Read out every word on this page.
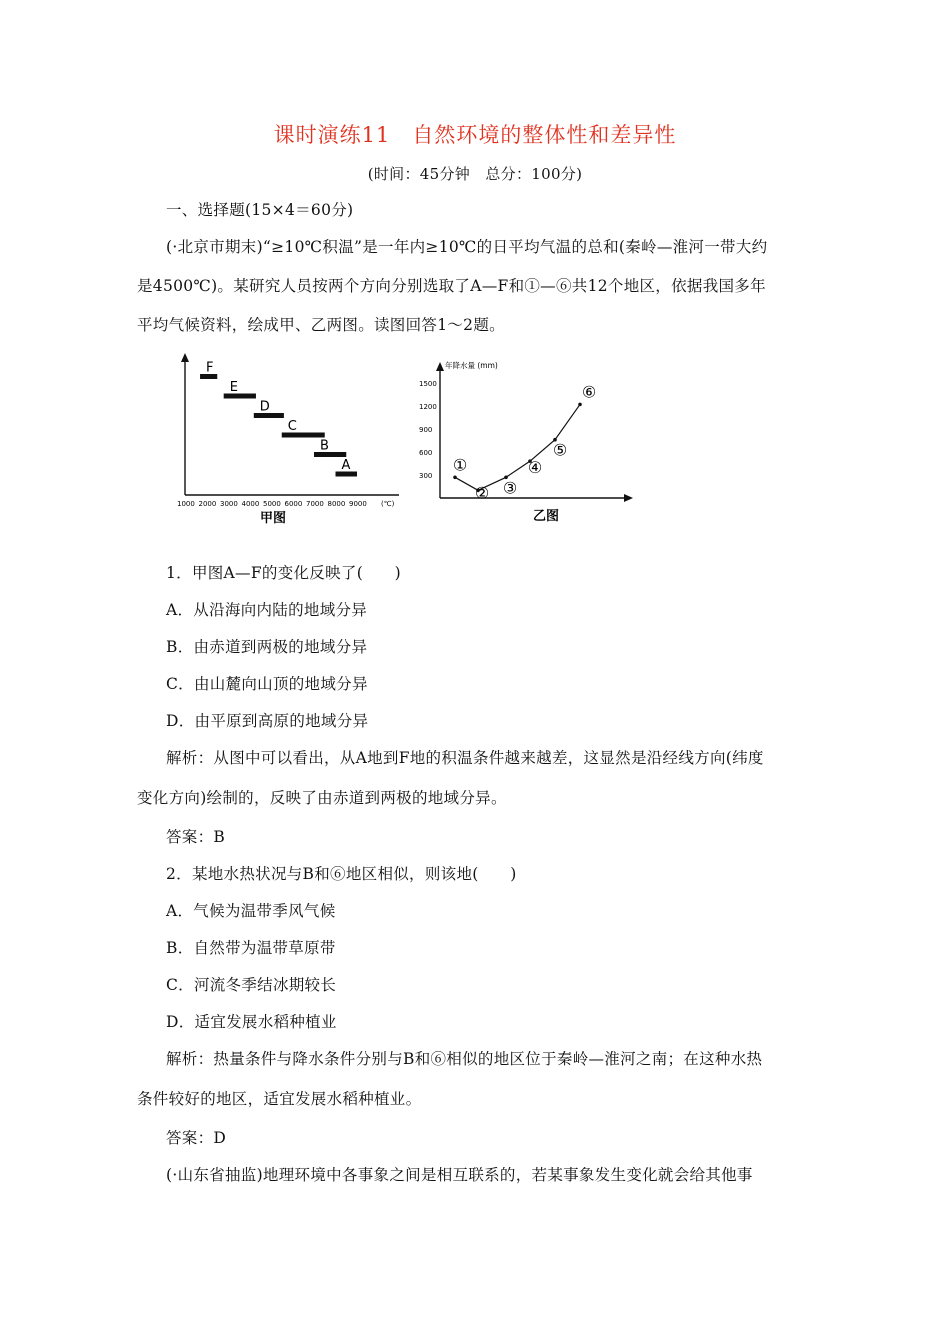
课时演练11　自然环境的整体性和差异性
(时间：45分钟　总分：100分)
一、选择题(15×4＝60分)
(·北京市期末)“≥10℃积温”是一年内≥10℃的日平均气温的总和(秦岭—淮河一带大约
是4500℃)。某研究人员按两个方向分别选取了A—F和①—⑥共12个地区，依据我国多年
平均气候资料，绘成甲、乙两图。读图回答1～2题。
A
B
C
D
E
F
1000 2000 3000 4000 5000 6000 7000 8000 9000 (℃)
甲图
年降水量 (mm)
300
600
900
1200
1500
①
② ③
④
⑤
⑥
乙图
1．甲图A—F的变化反映了(　　)
A．从沿海向内陆的地域分异
B．由赤道到两极的地域分异
C．由山麓向山顶的地域分异
D．由平原到高原的地域分异
解析：从图中可以看出，从A地到F地的积温条件越来越差，这显然是沿经线方向(纬度
变化方向)绘制的，反映了由赤道到两极的地域分异。
答案：B
2．某地水热状况与B和⑥地区相似，则该地(　　)
A．气候为温带季风气候
B．自然带为温带草原带
C．河流冬季结冰期较长
D．适宜发展水稻种植业
解析：热量条件与降水条件分别与B和⑥相似的地区位于秦岭—淮河之南；在这种水热
条件较好的地区，适宜发展水稻种植业。
答案：D
(·山东省抽监)地理环境中各事象之间是相互联系的，若某事象发生变化就会给其他事
